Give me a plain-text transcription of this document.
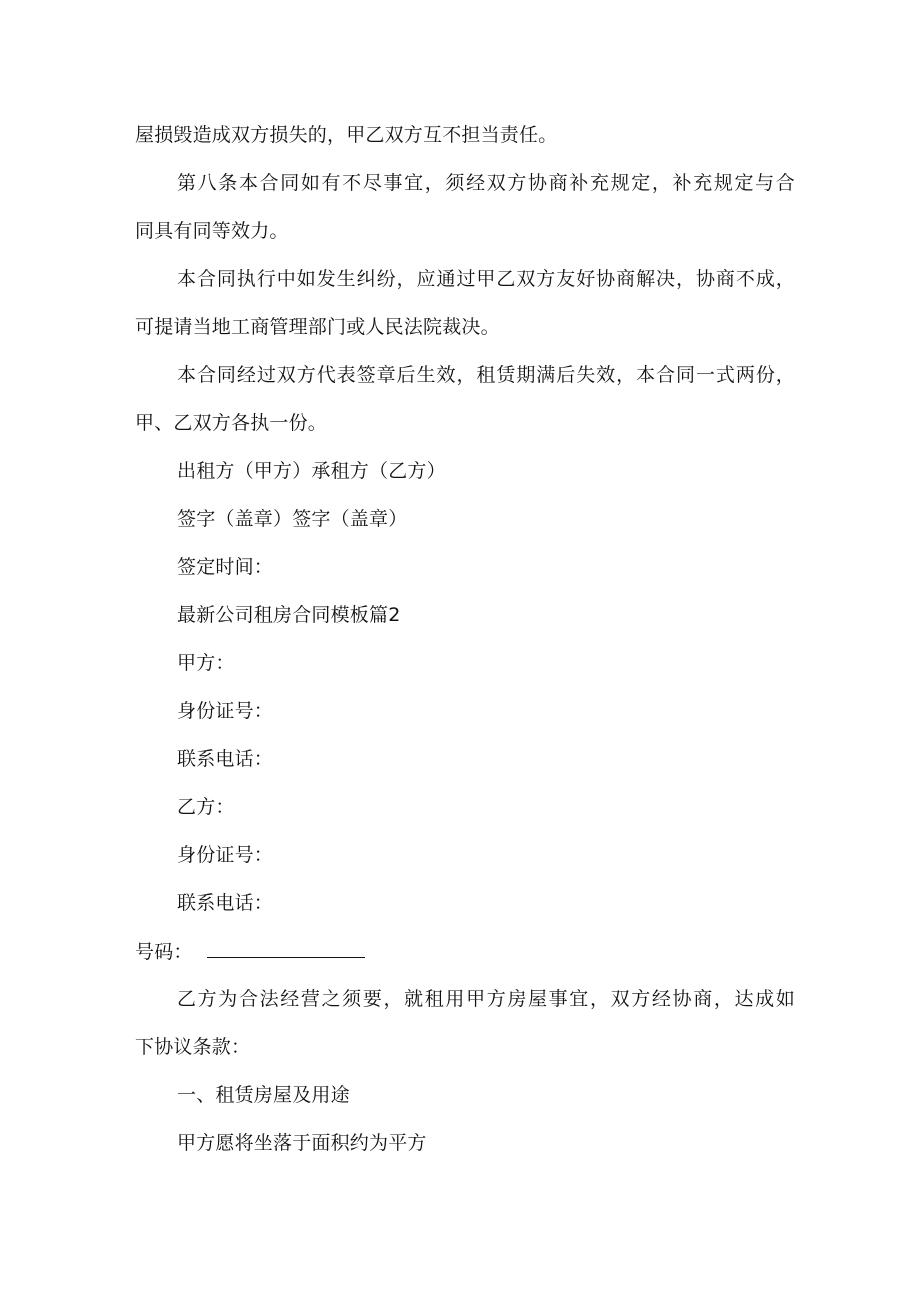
屋损毁造成双方损失的，甲乙双方互不担当责任。

第八条本合同如有不尽事宜，须经双方协商补充规定，补充规定与合

同具有同等效力。

本合同执行中如发生纠纷，应通过甲乙双方友好协商解决，协商不成，

可提请当地工商管理部门或人民法院裁决。

本合同经过双方代表签章后生效，租赁期满后失效，本合同一式两份，

甲、乙双方各执一份。

出租方（甲方）承租方（乙方）

签字（盖章）签字（盖章）

签定时间：

最新公司租房合同模板篇2

甲方：

身份证号：

联系电话：

乙方：

身份证号：

联系电话：

号码：

乙方为合法经营之须要，就租用甲方房屋事宜，双方经协商，达成如

下协议条款：

一、租赁房屋及用途

甲方愿将坐落于面积约为平方
